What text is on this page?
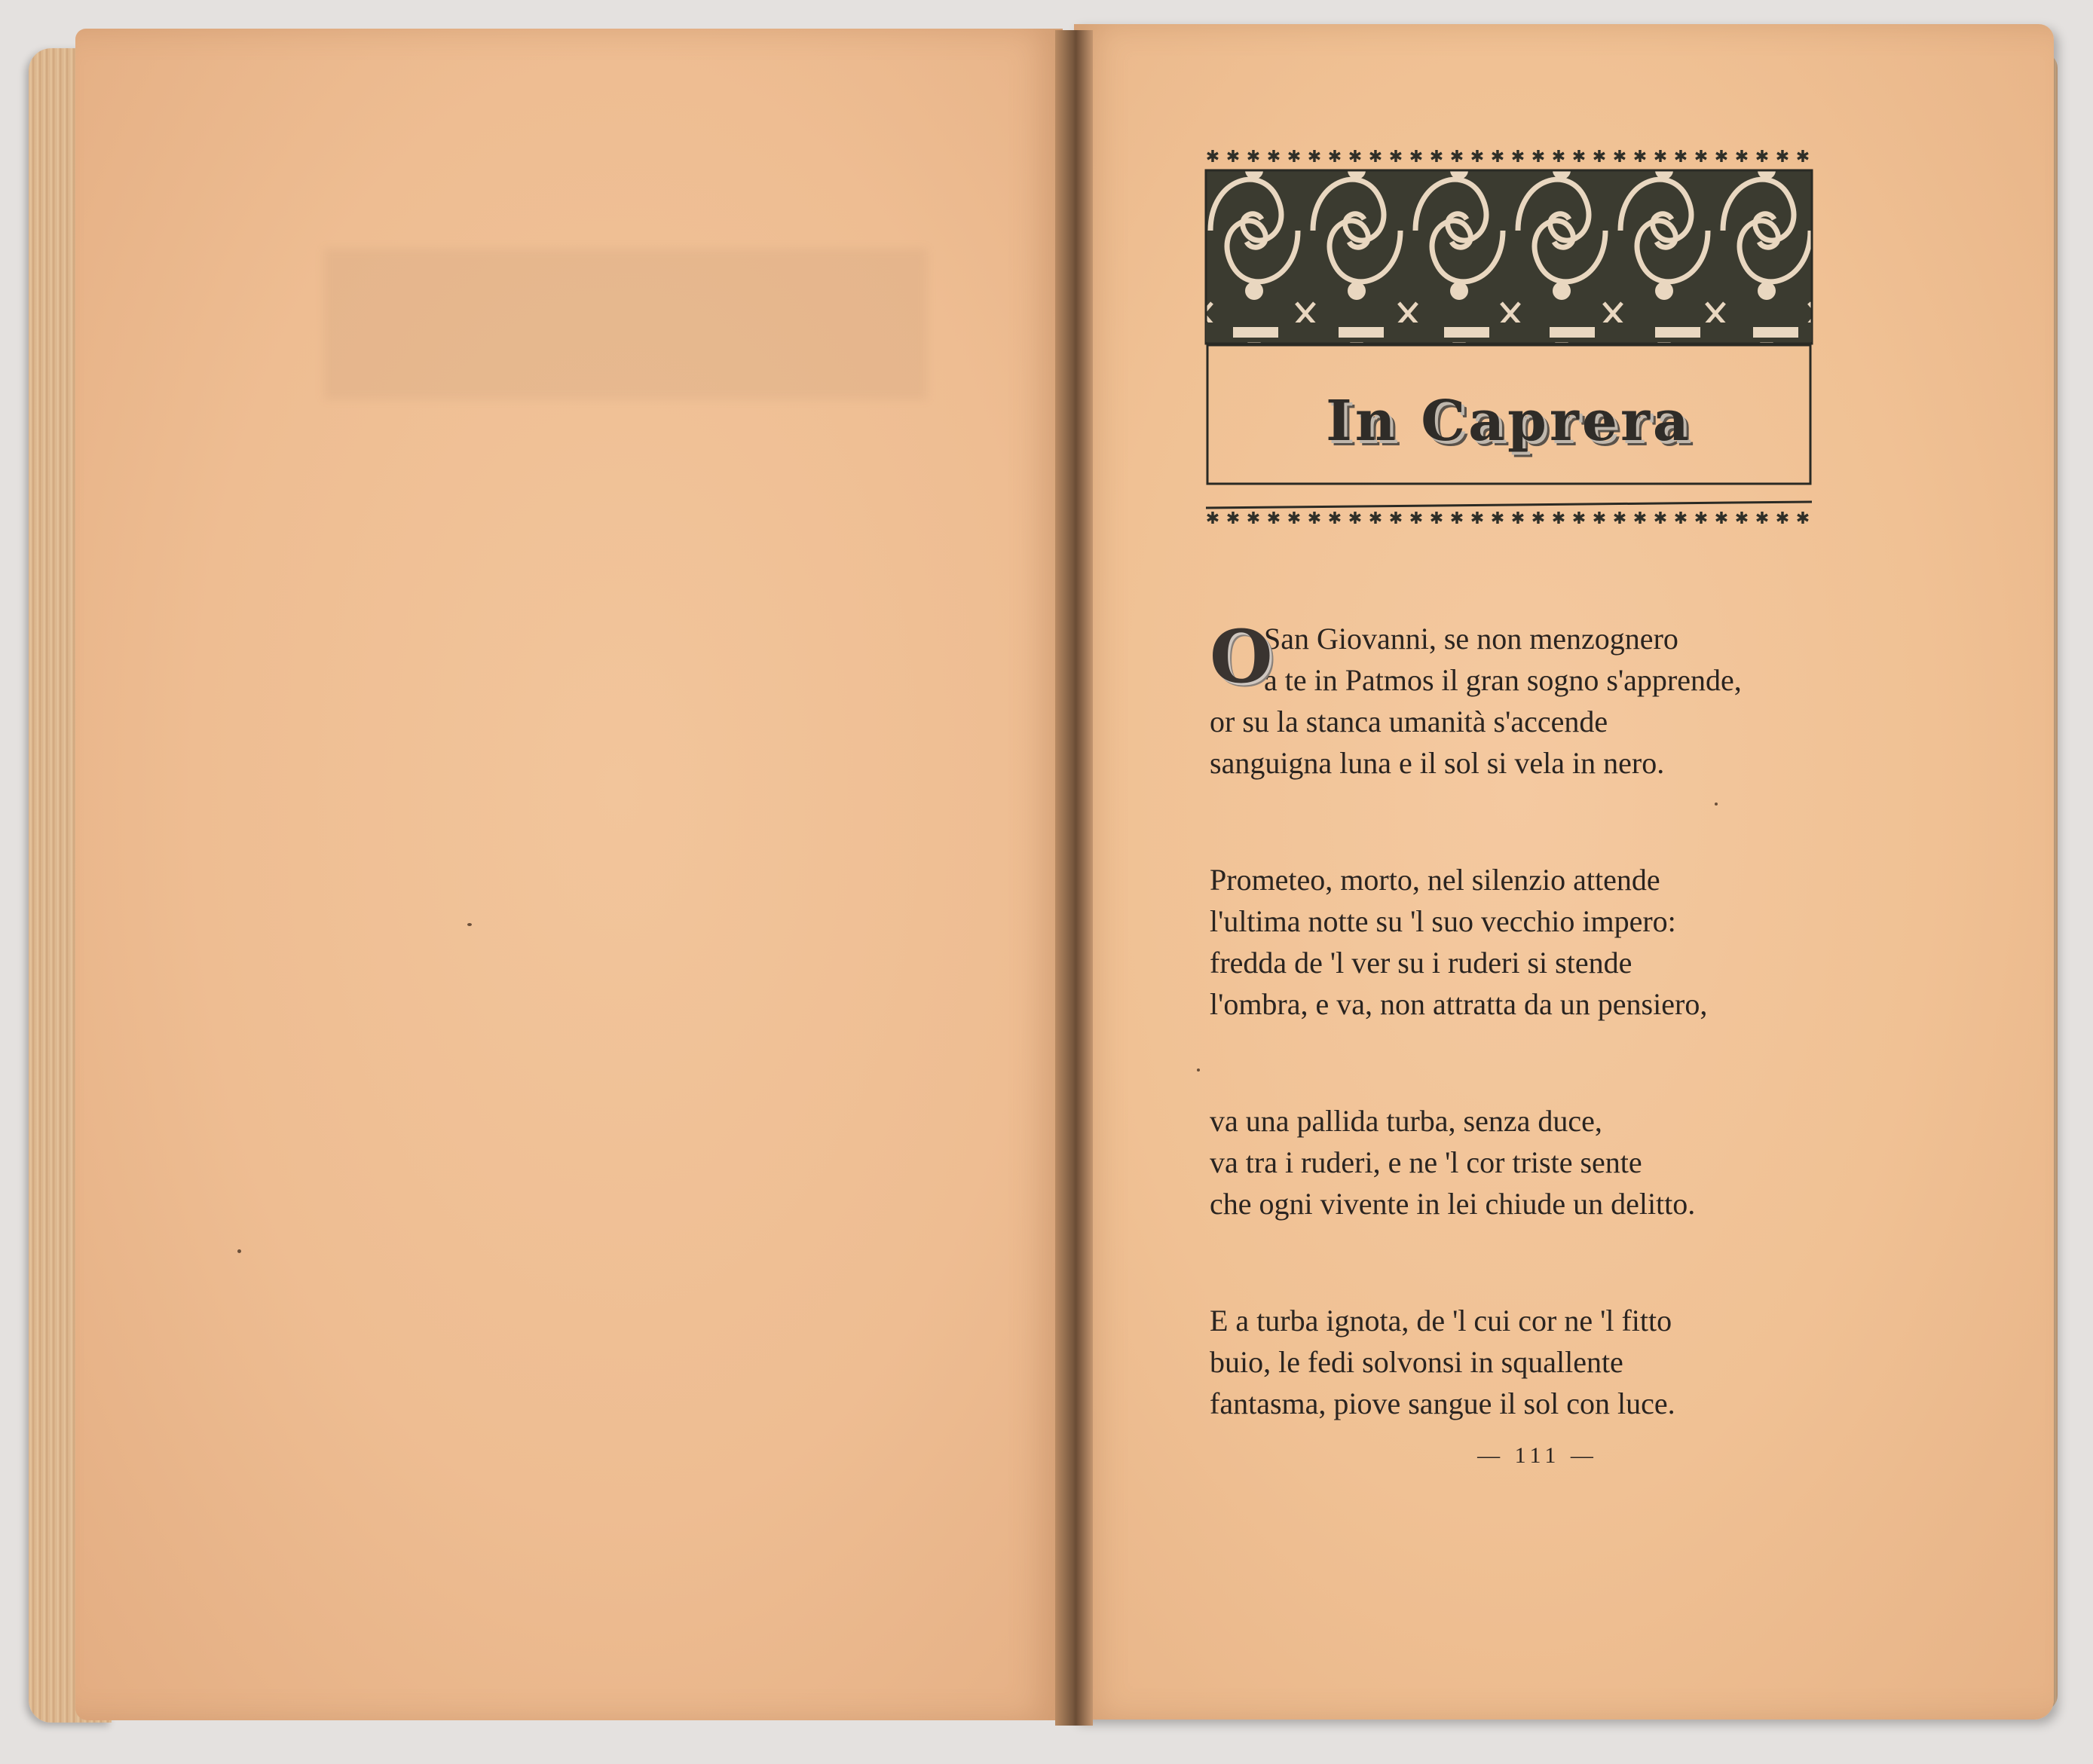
In Caprera
O
San Giovanni, se non menzognero
a te in Patmos il gran sogno s'apprende,
or su la stanca umanità s'accende
sanguigna luna e il sol si vela in nero.
Prometeo, morto, nel silenzio attende
l'ultima notte su 'l suo vecchio impero:
fredda de 'l ver su i ruderi si stende
l'ombra, e va, non attratta da un pensiero,
va una pallida turba, senza duce,
va tra i ruderi, e ne 'l cor triste sente
che ogni vivente in lei chiude un delitto.
E a turba ignota, de 'l cui cor ne 'l fitto
buio, le fedi solvonsi in squallente
fantasma, piove sangue il sol con luce.
— 111 —
